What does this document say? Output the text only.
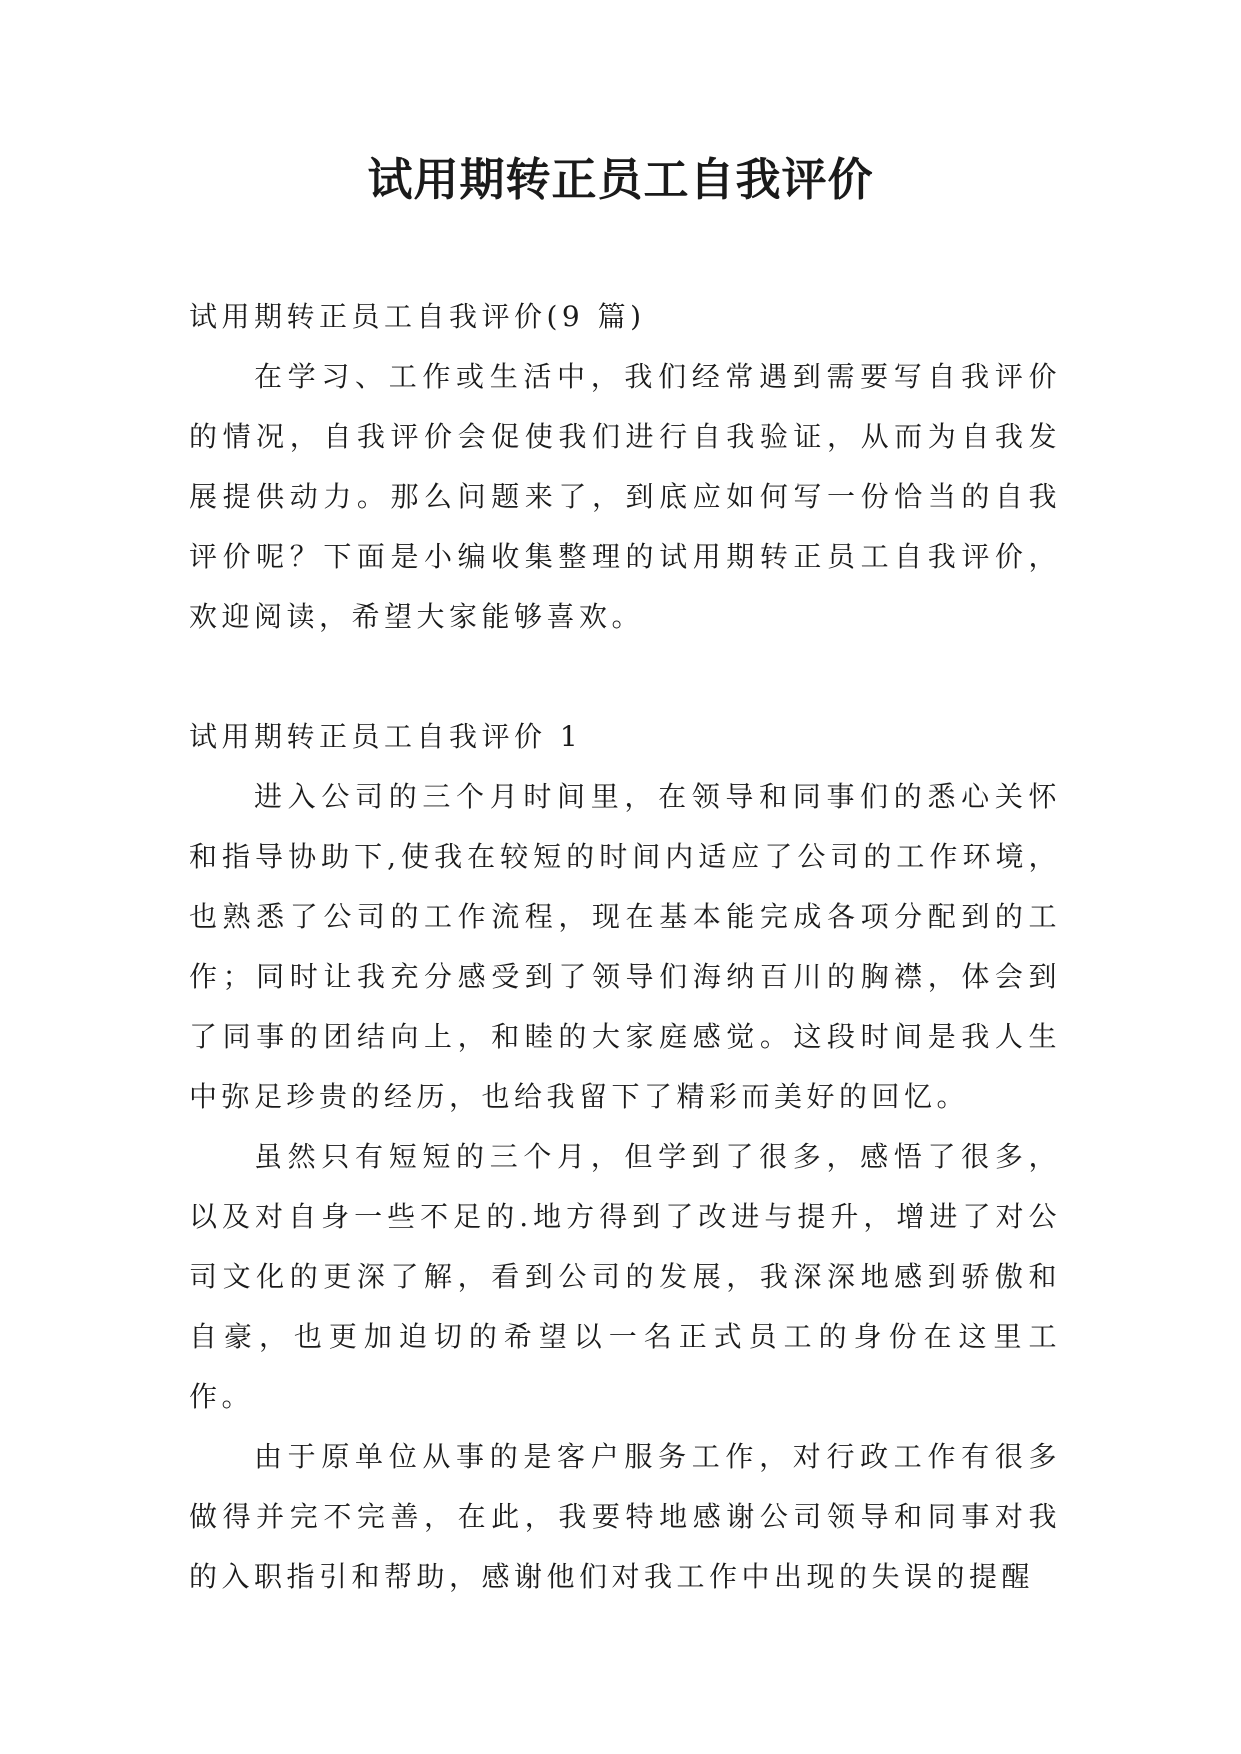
试用期转正员工自我评价

试用期转正员工自我评价(9 篇)

在学习、工作或生活中，我们经常遇到需要写自我评价的情况，自我评价会促使我们进行自我验证，从而为自我发展提供动力。那么问题来了，到底应如何写一份恰当的自我评价呢？下面是小编收集整理的试用期转正员工自我评价，欢迎阅读，希望大家能够喜欢。

试用期转正员工自我评价 1

进入公司的三个月时间里，在领导和同事们的悉心关怀和指导协助下,使我在较短的时间内适应了公司的工作环境，也熟悉了公司的工作流程，现在基本能完成各项分配到的工作；同时让我充分感受到了领导们海纳百川的胸襟，体会到了同事的团结向上，和睦的大家庭感觉。这段时间是我人生中弥足珍贵的经历，也给我留下了精彩而美好的回忆。

虽然只有短短的三个月，但学到了很多，感悟了很多，以及对自身一些不足的.地方得到了改进与提升，增进了对公司文化的更深了解，看到公司的发展，我深深地感到骄傲和自豪，也更加迫切的希望以一名正式员工的身份在这里工作。

由于原单位从事的是客户服务工作，对行政工作有很多做得并完不完善，在此，我要特地感谢公司领导和同事对我的入职指引和帮助，感谢他们对我工作中出现的失误的提醒
